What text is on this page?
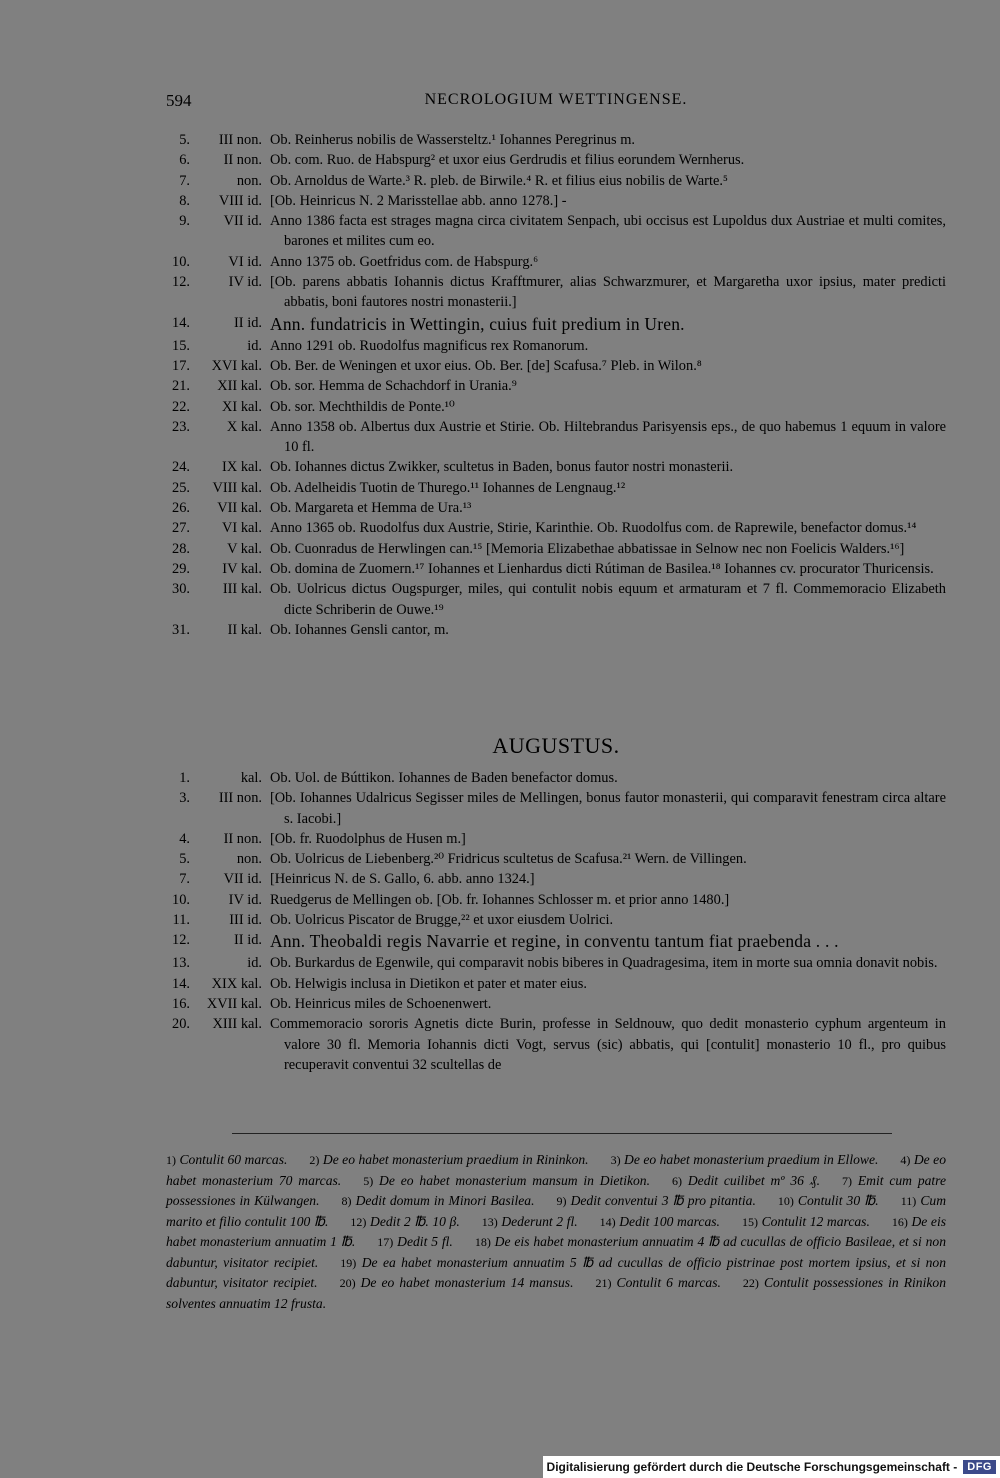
594	NECROLOGIUM WETTINGENSE.
5.	III non. Ob. Reinherus nobilis de Wassersteltz.¹ Iohannes Peregrinus m.
6.	II non. Ob. com. Ruo. de Habspurg² et uxor eius Gerdrudis et filius eorundem Wernherus.
7.	non. Ob. Arnoldus de Warte.³ R. pleb. de Birwile.⁴ R. et filius eius nobilis de Warte.⁵
8.	VIII id. [Ob. Heinricus N. 2 Marisstellae abb. anno 1278.] -
9.	VII id. Anno 1386 facta est strages magna circa civitatem Senpach, ubi occisus est Lupoldus dux Austriae et multi comites, barones et milites cum eo.
10.	VI id. Anno 1375 ob. Goetfridus com. de Habspurg.⁶
12.	IV id. [Ob. parens abbatis Iohannis dictus Krafftmurer, alias Schwarzmurer, et Margaretha uxor ipsius, mater predicti abbatis, boni fautores nostri monasterii.]
14.	II id. Ann. fundatricis in Wettingin, cuius fuit predium in Uren.
15.	id. Anno 1291 ob. Ruodolfus magnificus rex Romanorum.
17.	XVI kal. Ob. Ber. de Weningen et uxor eius. Ob. Ber. [de] Scafusa.⁷ Pleb. in Wilon.⁸
21.	XII kal. Ob. sor. Hemma de Schachdorf in Urania.⁹
22.	XI kal. Ob. sor. Mechthildis de Ponte.¹⁰
23.	X kal. Anno 1358 ob. Albertus dux Austrie et Stirie. Ob. Hiltebrandus Parisyensis eps., de quo habemus 1 equum in valore 10 fl.
24.	IX kal. Ob. Iohannes dictus Zwikker, scultetus in Baden, bonus fautor nostri monasterii.
25.	VIII kal. Ob. Adelheidis Tuotin de Thurego.¹¹ Iohannes de Lengnaug.¹²
26.	VII kal. Ob. Margareta et Hemma de Ura.¹³
27.	VI kal. Anno 1365 ob. Ruodolfus dux Austrie, Stirie, Karinthie. Ob. Ruodolfus com. de Raprewile, benefactor domus.¹⁴
28.	V kal. Ob. Cuonradus de Herwlingen can.¹⁵ [Memoria Elizabethae abbatissae in Selnow nec non Foelicis Walders.¹⁶]
29.	IV kal. Ob. domina de Zuomern.¹⁷ Iohannes et Lienhardus dicti Rútiman de Basilea.¹⁸ Iohannes cv. procurator Thuricensis.
30.	III kal. Ob. Uolricus dictus Ougspurger, miles, qui contulit nobis equum et armaturam et 7 fl. Commemoracio Elizabeth dicte Schriberin de Ouwe.¹⁹
31.	II kal. Ob. Iohannes Gensli cantor, m.
AUGUSTUS.
1.	kal. Ob. Uol. de Búttikon. Iohannes de Baden benefactor domus.
3.	III non. [Ob. Iohannes Udalricus Segisser miles de Mellingen, bonus fautor monasterii, qui comparavit fenestram circa altare s. Iacobi.]
4.	II non. [Ob. fr. Ruodolphus de Husen m.]
5.	non. Ob. Uolricus de Liebenberg.²⁰ Fridricus scultetus de Scafusa.²¹ Wern. de Villingen.
7.	VII id. [Heinricus N. de S. Gallo, 6. abb. anno 1324.]
10.	IV id. Ruedgerus de Mellingen ob. [Ob. fr. Iohannes Schlosser m. et prior anno 1480.]
11.	III id. Ob. Uolricus Piscator de Brugge,²² et uxor eiusdem Uolrici.
12.	II id. Ann. Theobaldi regis Navarrie et regine, in conventu tantum fiat praebenda . . .
13.	id. Ob. Burkardus de Egenwile, qui comparavit nobis biberes in Quadragesima, item in morte sua omnia donavit nobis.
14.	XIX kal. Ob. Helwigis inclusa in Dietikon et pater et mater eius.
16.	XVII kal. Ob. Heinricus miles de Schoenenwert.
20.	XIII kal. Commemoracio sororis Agnetis dicte Burin, professe in Seldnouw, quo dedit monasterio cyphum argenteum in valore 30 fl. Memoria Iohannis dicti Vogt, servus (sic) abbatis, qui [contulit] monasterio 10 fl., pro quibus recuperavit conventui 32 scultellas de
1) Contulit 60 marcas. 2) De eo habet monasterium praedium in Rininkon. 3) De eo habet monasterium praedium in Ellowe. 4) De eo habet monasterium 70 marcas. 5) De eo habet monasterium mansum in Dietikon. 6) Dedit cuilibet mº 36 ₰. 7) Emit cum patre possessiones in Külwangen. 8) Dedit domum in Minori Basilea. 9) Dedit conventui 3 ℔ pro pitantia. 10) Contulit 30 ℔. 11) Cum marito et filio contulit 100 ℔. 12) Dedit 2 ℔. 10 β. 13) Dederunt 2 fl. 14) Dedit 100 marcas. 15) Contulit 12 marcas. 16) De eis habet monasterium annuatim 1 ℔. 17) Dedit 5 fl. 18) De eis habet monasterium annuatim 4 ℔ ad cucullas de officio Basileae, et si non dabuntur, visitator recipiet. 19) De ea habet monasterium annuatim 5 ℔ ad cucullas de officio pistrinae post mortem ipsius, et si non dabuntur, visitator recipiet. 20) De eo habet monasterium 14 mansus. 21) Contulit 6 marcas. 22) Contulit possessiones in Rinikon solventes annuatim 12 frusta.
Digitalisierung gefördert durch die Deutsche Forschungsgemeinschaft - DFG
